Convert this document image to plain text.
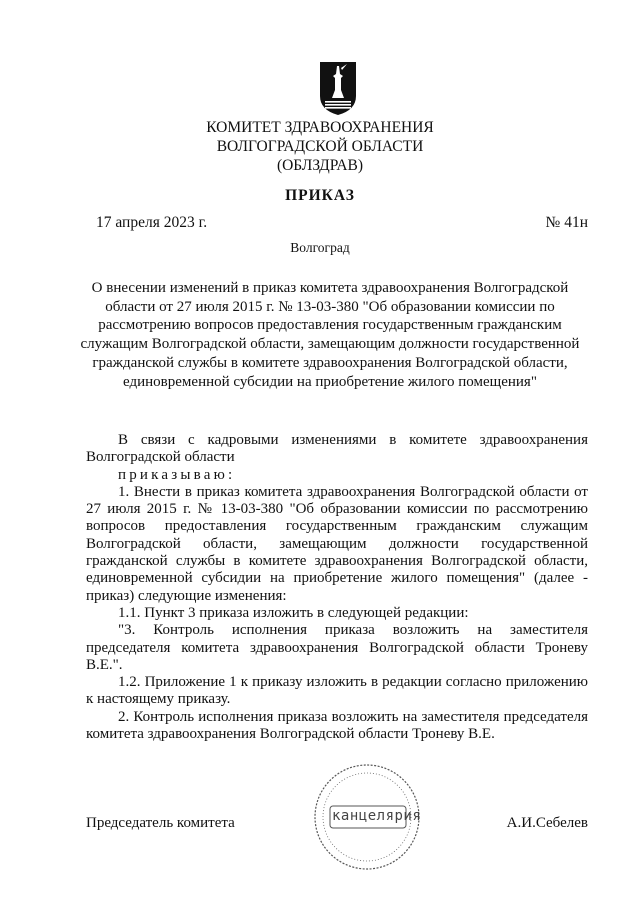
КОМИТЕТ ЗДРАВООХРАНЕНИЯ
ВОЛГОГРАДСКОЙ ОБЛАСТИ
(ОБЛЗДРАВ)
ПРИКАЗ
17 апреля 2023 г.	№ 41н
Волгоград
О внесении изменений в приказ комитета здравоохранения Волгоградской области от 27 июля 2015 г. № 13-03-380 "Об образовании комиссии по рассмотрению вопросов предоставления государственным гражданским служащим Волгоградской области, замещающим должности государственной гражданской службы в комитете здравоохранения Волгоградской области, единовременной субсидии на приобретение жилого помещения"

В связи с кадровыми изменениями в комитете здравоохранения Волгоградской области

приказываю:

1. Внести в приказ комитета здравоохранения Волгоградской области от 27 июля 2015 г. № 13-03-380 "Об образовании комиссии по рассмотрению вопросов предоставления государственным гражданским служащим Волгоградской области, замещающим должности государственной гражданской службы в комитете здравоохранения Волгоградской области, единовременной субсидии на приобретение жилого помещения" (далее - приказ) следующие изменения:

1.1. Пункт 3 приказа изложить в следующей редакции:

"3. Контроль исполнения приказа возложить на заместителя председателя комитета здравоохранения Волгоградской области Троневу В.Е.".

1.2. Приложение 1 к приказу изложить в редакции согласно приложению к настоящему приказу.

2. Контроль исполнения приказа возложить на заместителя председателя комитета здравоохранения Волгоградской области Троневу В.Е.

канцелярия
Председатель комитета	А.И.Себелев
